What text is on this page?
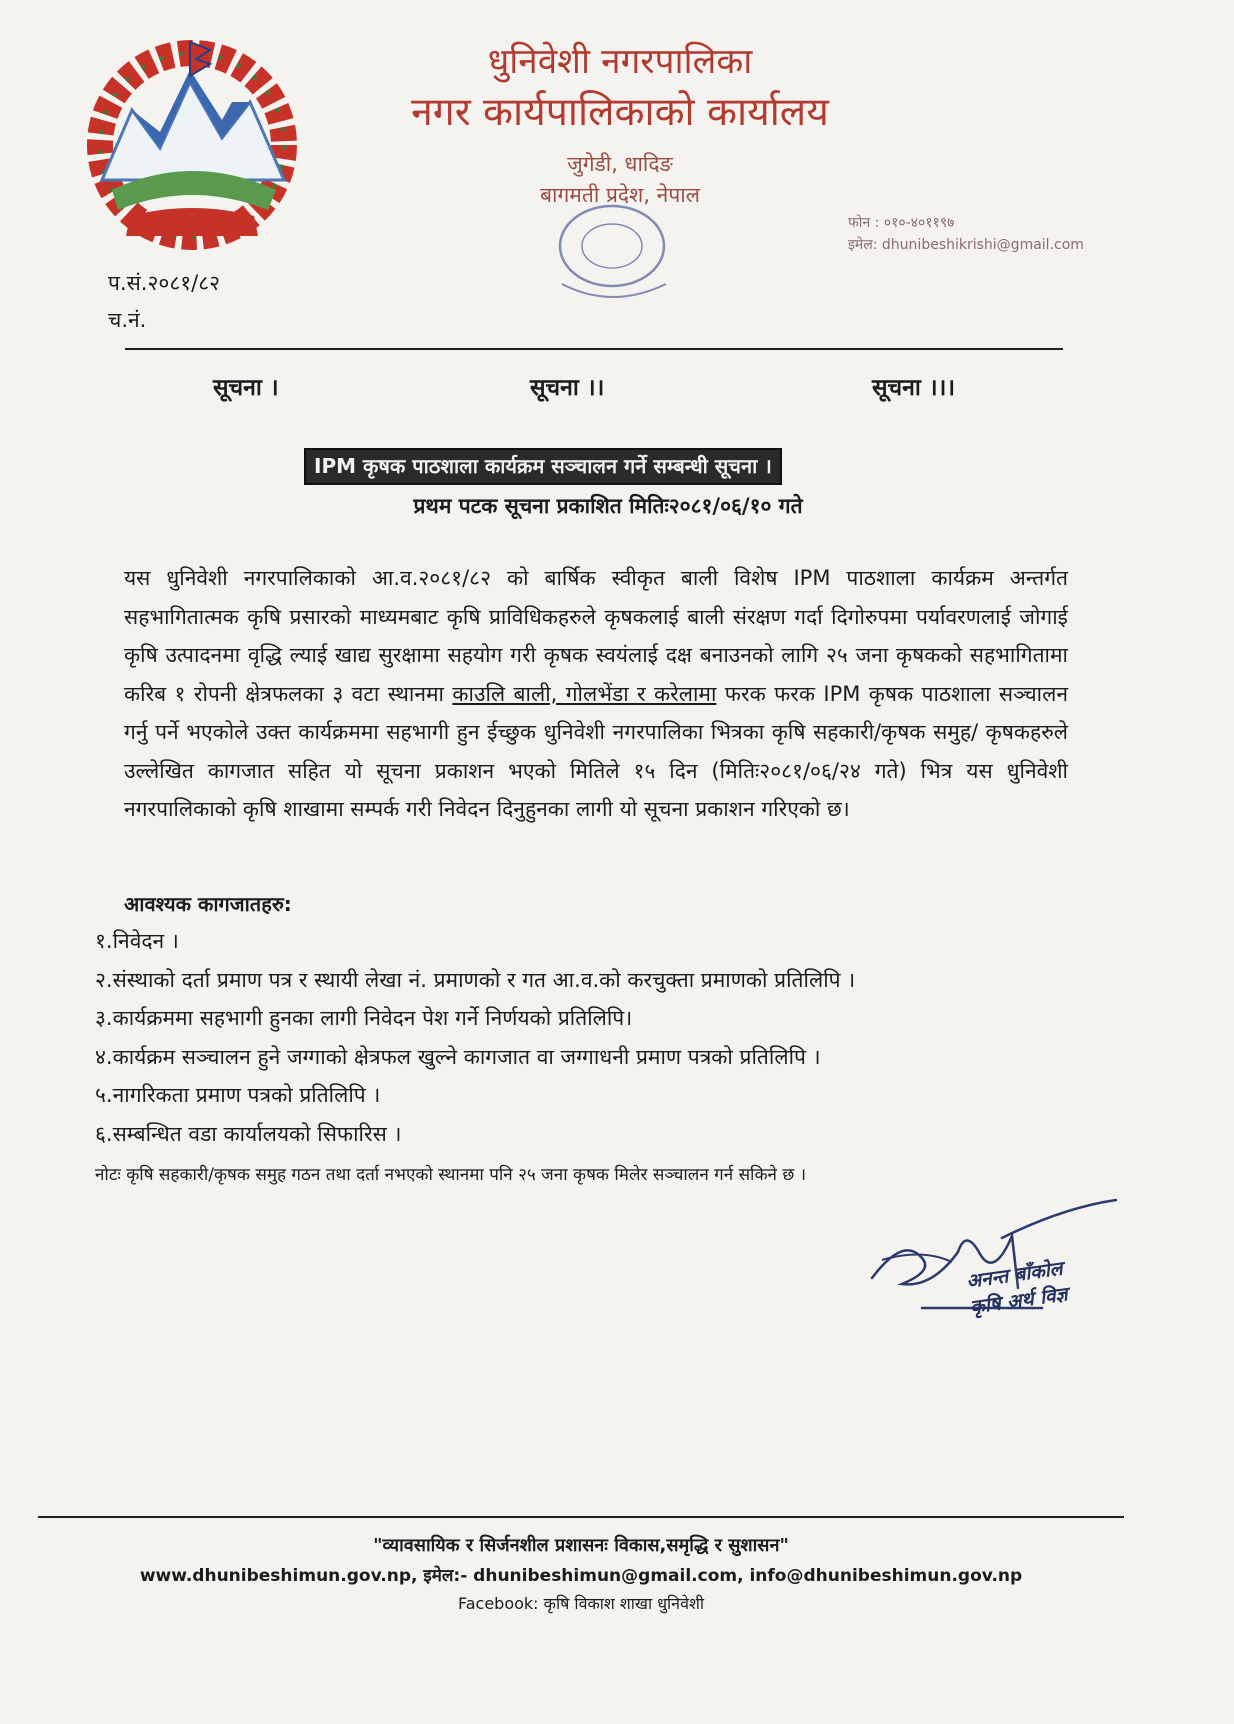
धुनिवेशी नगरपालिका
नगर कार्यपालिकाको कार्यालय
जुगेडी, धादिङ
बागमती प्रदेश, नेपाल
फोन : ०१०-४०११९७
इमेल: dhunibeshikrishi@gmail.com
प.सं.२०८१/८२
च.नं.
सूचना ।	सूचना ।।	सूचना ।।।
IPM कृषक पाठशाला कार्यक्रम सञ्चालन गर्ने सम्बन्धी सूचना ।
प्रथम पटक सूचना प्रकाशित मितिः२०८१/०६/१० गते

यस धुनिवेशी नगरपालिकाको आ.व.२०८१/८२ को बार्षिक स्वीकृत बाली विशेष IPM पाठशाला कार्यक्रम अन्तर्गत सहभागितात्मक कृषि प्रसारको माध्यमबाट कृषि प्राविधिकहरुले कृषकलाई बाली संरक्षण गर्दा दिगोरुपमा पर्यावरणलाई जोगाई कृषि उत्पादनमा वृद्धि ल्याई खाद्य सुरक्षामा सहयोग गरी कृषक स्वयंलाई दक्ष बनाउनको लागि २५ जना कृषकको सहभागितामा करिब १ रोपनी क्षेत्रफलका ३ वटा स्थानमा काउलि बाली, गोलभेंडा र करेलामा फरक फरक IPM कृषक पाठशाला सञ्चालन गर्नु पर्ने भएकोले उक्त कार्यक्रममा सहभागी हुन ईच्छुक धुनिवेशी नगरपालिका भित्रका कृषि सहकारी/कृषक समुह/ कृषकहरुले उल्लेखित कागजात सहित यो सूचना प्रकाशन भएको मितिले १५ दिन (मितिः२०८१/०६/२४ गते) भित्र यस धुनिवेशी नगरपालिकाको कृषि शाखामा सम्पर्क गरी निवेदन दिनुहुनका लागी यो सूचना प्रकाशन गरिएको छ।

आवश्यक कागजातहरु:
१.निवेदन ।
२.संस्थाको दर्ता प्रमाण पत्र र स्थायी लेखा नं. प्रमाणको र गत आ.व.को करचुक्ता प्रमाणको प्रतिलिपि ।
३.कार्यक्रममा सहभागी हुनका लागी निवेदन पेश गर्ने निर्णयको प्रतिलिपि।
४.कार्यक्रम सञ्चालन हुने जग्गाको क्षेत्रफल खुल्ने कागजात वा जग्गाधनी प्रमाण पत्रको प्रतिलिपि ।
५.नागरिकता प्रमाण पत्रको प्रतिलिपि ।
६.सम्बन्धित वडा कार्यालयको सिफारिस ।
नोटः कृषि सहकारी/कृषक समुह गठन तथा दर्ता नभएको स्थानमा पनि २५ जना कृषक मिलेर सञ्चालन गर्न सकिने छ ।
अनन्त बाँकोल
कृषि अर्थ विज्ञ
"व्यावसायिक र सिर्जनशील प्रशासनः विकास,समृद्धि र सुशासन"
www.dhunibeshimun.gov.np, इमेल:- dhunibeshimun@gmail.com, info@dhunibeshimun.gov.np
Facebook: कृषि विकाश शाखा धुनिवेशी
